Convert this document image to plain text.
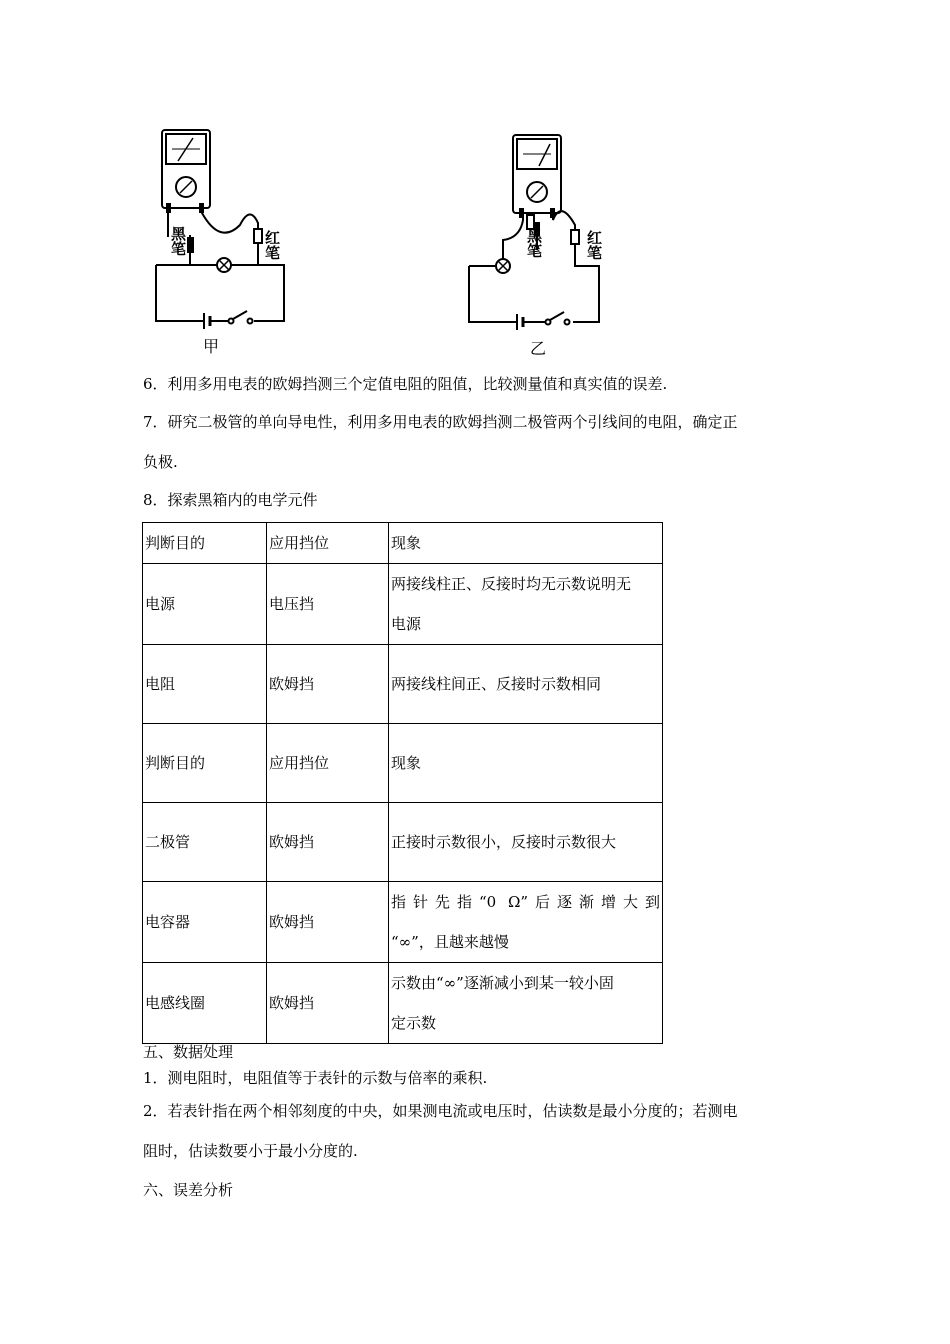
黑笔	红笔
甲
黑笔	红笔
乙
6．利用多用电表的欧姆挡测三个定值电阻的阻值，比较测量值和真实值的误差.
7．研究二极管的单向导电性，利用多用电表的欧姆挡测二极管两个引线间的电阻，确定正
负极.
8．探索黑箱内的电学元件
判断目的	应用挡位	现象
电源	电压挡	两接线柱正、反接时均无示数说明无
电源

电阻	欧姆挡	两接线柱间正、反接时示数相同
判断目的	应用挡位	现象
二极管	欧姆挡	正接时示数很小，反接时示数很大
电容器	欧姆挡	指针先指“0 Ω”后逐渐增大到
“∞”，且越来越慢

电感线圈	欧姆挡	示数由“∞”逐渐减小到某一较小固
定示数
五、数据处理
1．测电阻时，电阻值等于表针的示数与倍率的乘积.
2．若表针指在两个相邻刻度的中央，如果测电流或电压时，估读数是最小分度的；若测电
阻时，估读数要小于最小分度的.
六、误差分析
